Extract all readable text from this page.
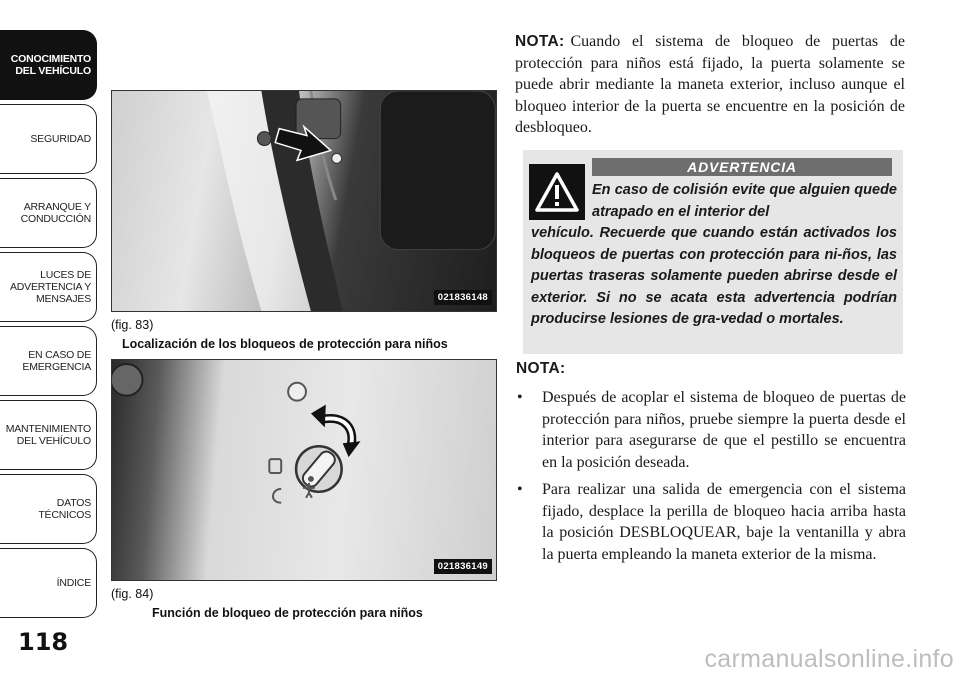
CONOCIMIENTO
DEL VEHÍCULO
SEGURIDAD
ARRANQUE Y
CONDUCCIÓN
LUCES DE
ADVERTENCIA Y
MENSAJES
EN CASO DE
EMERGENCIA
MANTENIMIENTO
DEL VEHÍCULO
DATOS
TÉCNICOS
ÍNDICE
118
021836148
(fig. 83)
Localización de los bloqueos de protección para niños
021836149
(fig. 84)
Función de bloqueo de protección para niños

NOTA: Cuando el sistema de bloqueo de puertas de protección para niños está fijado, la puerta solamente se puede abrir mediante la maneta exterior, incluso aunque el bloqueo interior de la puerta se encuentre en la posición de desbloqueo.

ADVERTENCIA
En caso de colisión evite que alguien quede atrapado en el interior del
vehículo. Recuerde que cuando están activados los bloqueos de puertas con protección para ni-ños, las puertas traseras solamente pueden abrirse desde el exterior. Si no se acata esta advertencia podrían producirse lesiones de gra-vedad o mortales.
NOTA:
• Después de acoplar el sistema de bloqueo de puertas de protección para niños, pruebe siempre la puerta desde el interior para asegurarse de que el pestillo se encuentra en la posición deseada.
• Para realizar una salida de emergencia con el sistema fijado, desplace la perilla de bloqueo hacia arriba hasta la posición DESBLOQUEAR, baje la ventanilla y abra la puerta empleando la maneta exterior de la misma.
carmanualsonline.info
